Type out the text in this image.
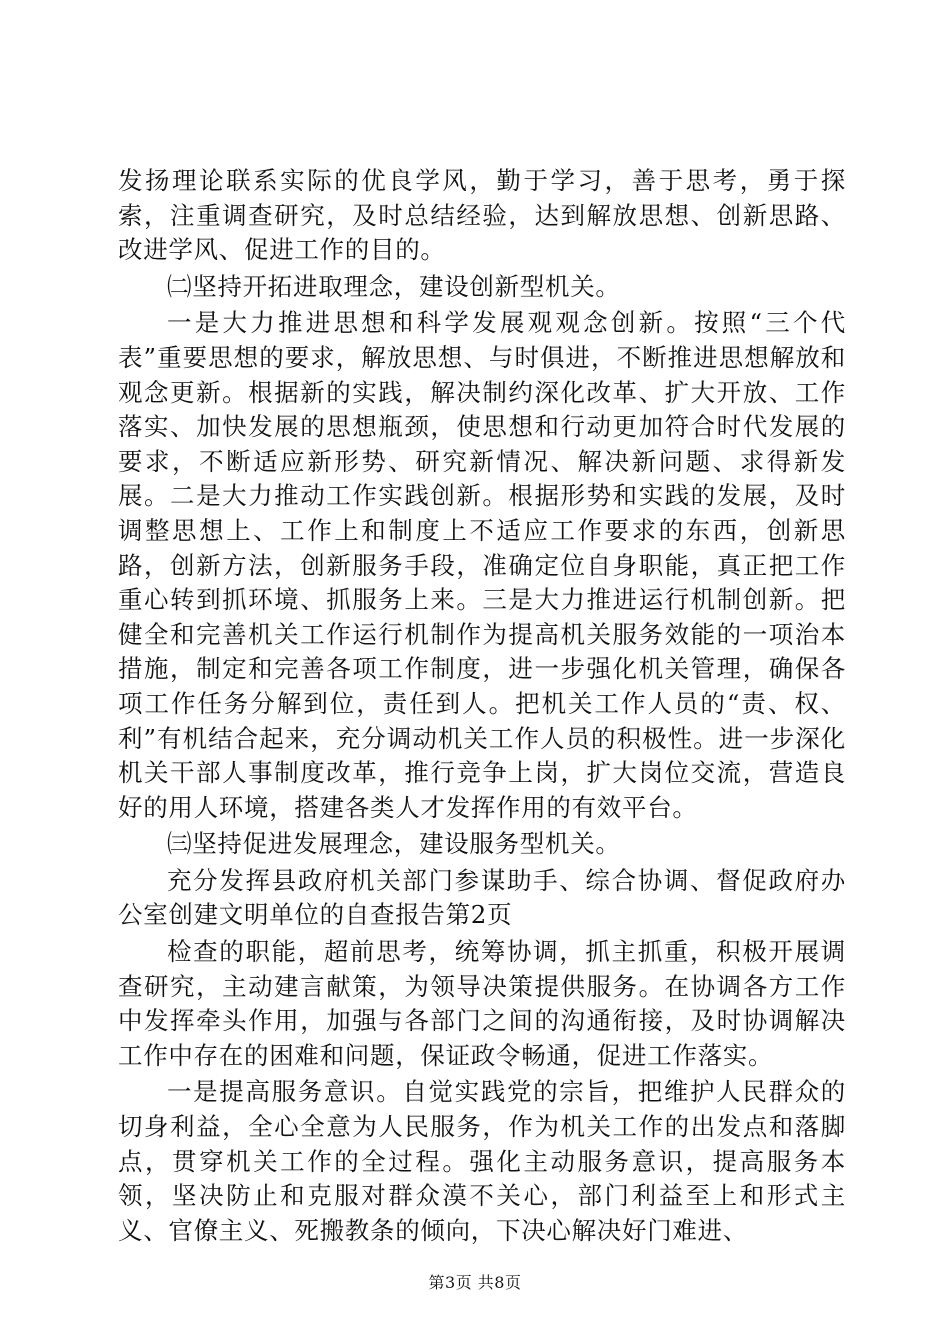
发扬理论联系实际的优良学风，勤于学习，善于思考，勇于探索，注重调查研究，及时总结经验，达到解放思想、创新思路、改进学风、促进工作的目的。

㈡坚持开拓进取理念，建设创新型机关。

一是大力推进思想和科学发展观观念创新。按照“三个代表”重要思想的要求，解放思想、与时俱进，不断推进思想解放和观念更新。根据新的实践，解决制约深化改革、扩大开放、工作落实、加快发展的思想瓶颈，使思想和行动更加符合时代发展的要求，不断适应新形势、研究新情况、解决新问题、求得新发展。二是大力推动工作实践创新。根据形势和实践的发展，及时调整思想上、工作上和制度上不适应工作要求的东西，创新思路，创新方法，创新服务手段，准确定位自身职能，真正把工作重心转到抓环境、抓服务上来。三是大力推进运行机制创新。把健全和完善机关工作运行机制作为提高机关服务效能的一项治本措施，制定和完善各项工作制度，进一步强化机关管理，确保各项工作任务分解到位，责任到人。把机关工作人员的“责、权、利”有机结合起来，充分调动机关工作人员的积极性。进一步深化机关干部人事制度改革，推行竞争上岗，扩大岗位交流，营造良好的用人环境，搭建各类人才发挥作用的有效平台。

㈢坚持促进发展理念，建设服务型机关。

充分发挥县政府机关部门参谋助手、综合协调、督促政府办公室创建文明单位的自查报告第2页

检查的职能，超前思考，统筹协调，抓主抓重，积极开展调查研究，主动建言献策，为领导决策提供服务。在协调各方工作中发挥牵头作用，加强与各部门之间的沟通衔接，及时协调解决工作中存在的困难和问题，保证政令畅通，促进工作落实。

一是提高服务意识。自觉实践党的宗旨，把维护人民群众的切身利益，全心全意为人民服务，作为机关工作的出发点和落脚点，贯穿机关工作的全过程。强化主动服务意识，提高服务本领，坚决防止和克服对群众漠不关心，部门利益至上和形式主义、官僚主义、死搬教条的倾向，下决心解决好门难进、

第3页 共8页
